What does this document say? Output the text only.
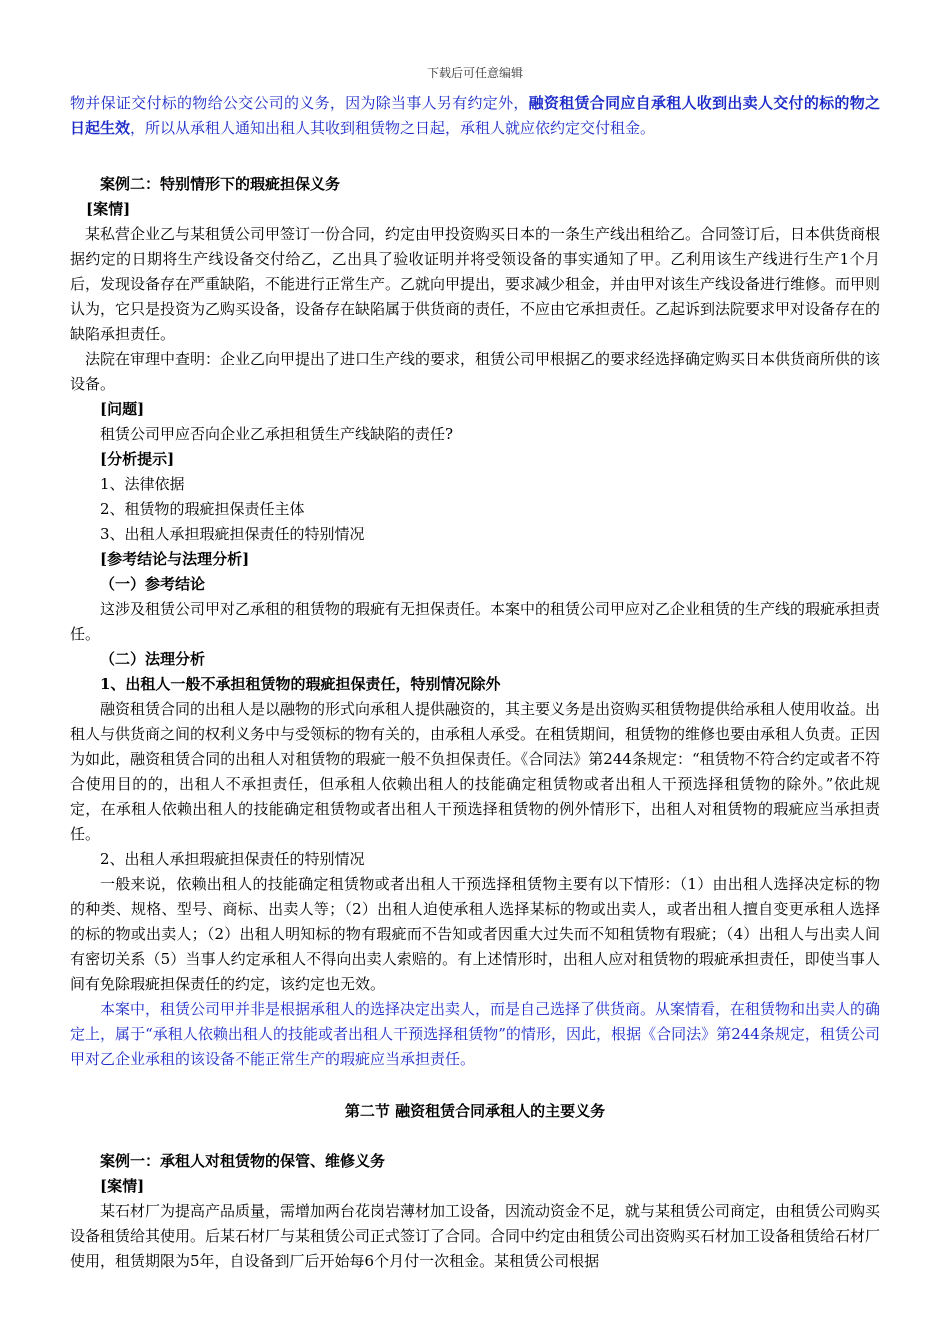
下载后可任意编辑

物并保证交付标的物给公交公司的义务，因为除当事人另有约定外，融资租赁合同应自承租人收到出卖人交付的标的物之日起生效，所以从承租人通知出租人其收到租赁物之日起，承租人就应依约定交付租金。

案例二：特别情形下的瑕疵担保义务

[案情]

某私营企业乙与某租赁公司甲签订一份合同，约定由甲投资购买日本的一条生产线出租给乙。合同签订后，日本供货商根据约定的日期将生产线设备交付给乙，乙出具了验收证明并将受领设备的事实通知了甲。乙利用该生产线进行生产1个月后，发现设备存在严重缺陷，不能进行正常生产。乙就向甲提出，要求减少租金，并由甲对该生产线设备进行维修。而甲则认为，它只是投资为乙购买设备，设备存在缺陷属于供货商的责任，不应由它承担责任。乙起诉到法院要求甲对设备存在的缺陷承担责任。

法院在审理中查明：企业乙向甲提出了进口生产线的要求，租赁公司甲根据乙的要求经选择确定购买日本供货商所供的该设备。

[问题]

租赁公司甲应否向企业乙承担租赁生产线缺陷的责任?

[分析提示]

1、法律依据

2、租赁物的瑕疵担保责任主体

3、出租人承担瑕疵担保责任的特别情况

[参考结论与法理分析]

（一）参考结论

这涉及租赁公司甲对乙承租的租赁物的瑕疵有无担保责任。本案中的租赁公司甲应对乙企业租赁的生产线的瑕疵承担责任。

（二）法理分析

1、出租人一般不承担租赁物的瑕疵担保责任，特别情况除外

融资租赁合同的出租人是以融物的形式向承租人提供融资的，其主要义务是出资购买租赁物提供给承租人使用收益。出租人与供货商之间的权利义务中与受领标的物有关的，由承租人承受。在租赁期间，租赁物的维修也要由承租人负责。正因为如此，融资租赁合同的出租人对租赁物的瑕疵一般不负担保责任。《合同法》第244条规定：“租赁物不符合约定或者不符合使用目的的，出租人不承担责任，但承租人依赖出租人的技能确定租赁物或者出租人干预选择租赁物的除外。”依此规定，在承租人依赖出租人的技能确定租赁物或者出租人干预选择租赁物的例外情形下，出租人对租赁物的瑕疵应当承担责任。

2、出租人承担瑕疵担保责任的特别情况

一般来说，依赖出租人的技能确定租赁物或者出租人干预选择租赁物主要有以下情形：（1）由出租人选择决定标的物的种类、规格、型号、商标、出卖人等；（2）出租人迫使承租人选择某标的物或出卖人，或者出租人擅自变更承租人选择的标的物或出卖人；（2）出租人明知标的物有瑕疵而不告知或者因重大过失而不知租赁物有瑕疵；（4）出租人与出卖人间有密切关系（5）当事人约定承租人不得向出卖人索赔的。有上述情形时，出租人应对租赁物的瑕疵承担责任，即使当事人间有免除瑕疵担保责任的约定，该约定也无效。

本案中，租赁公司甲并非是根据承租人的选择决定出卖人，而是自己选择了供货商。从案情看，在租赁物和出卖人的确定上，属于“承租人依赖出租人的技能或者出租人干预选择租赁物”的情形，因此，根据《合同法》第244条规定，租赁公司甲对乙企业承租的该设备不能正常生产的瑕疵应当承担责任。

第二节 融资租赁合同承租人的主要义务

案例一：承租人对租赁物的保管、维修义务

[案情]

某石材厂为提高产品质量，需增加两台花岗岩薄材加工设备，因流动资金不足，就与某租赁公司商定，由租赁公司购买设备租赁给其使用。后某石材厂与某租赁公司正式签订了合同。合同中约定由租赁公司出资购买石材加工设备租赁给石材厂使用，租赁期限为5年，自设备到厂后开始每6个月付一次租金。某租赁公司根据
